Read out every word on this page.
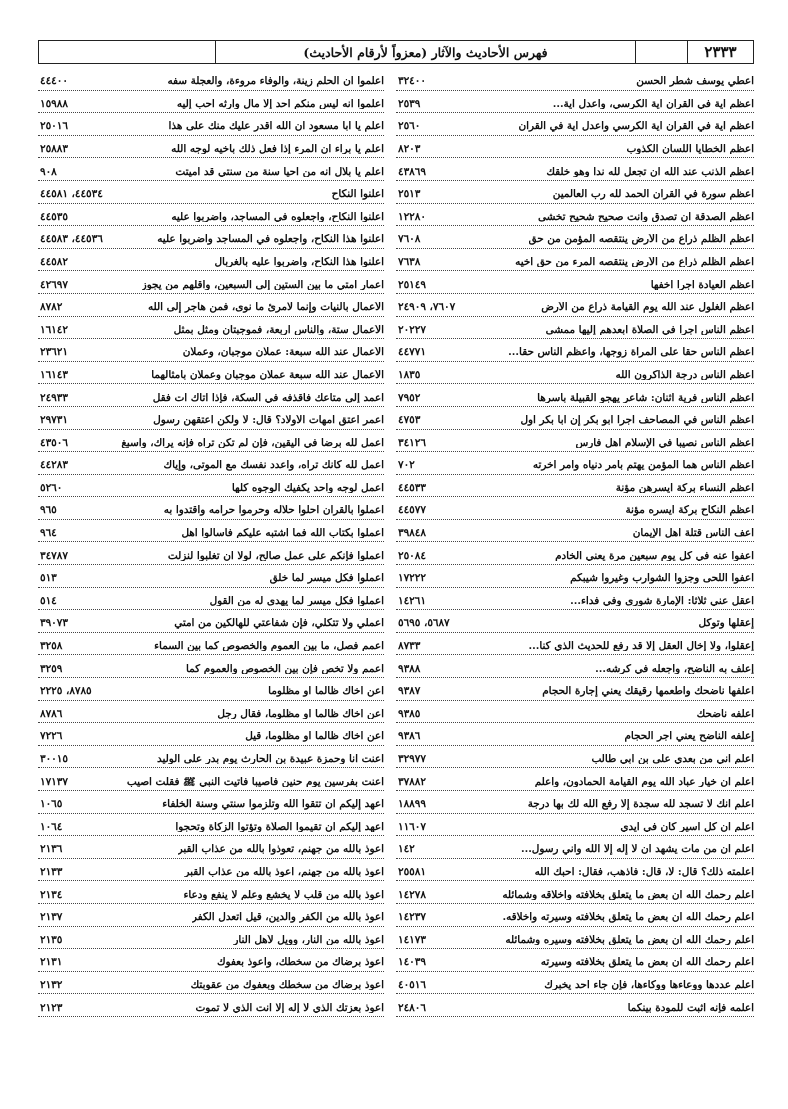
٢٣٣٣
فهرس الأحاديث والآثار (معزواً لأرقام الأحاديث)
أعطي يوسف شطر الحسن
٣٢٤٠٠
أعظم آية في القرآن آية الكرسي، وأعدل آية...
٢٥٣٩
أعظم آية في القرآن آية الكرسي وأعدل آية في القرآن
٢٥٦٠
أعظم الخطايا اللسان الكذوب
٨٢٠٣
أعظم الذنب عند الله أن تجعل لله نداً وهو خلقك
٤٣٨٦٩
أعظم سورة في القرآن الحمد لله رب العالمين
٢٥١٣
أعظم الصدقة أن تصدق وأنت صحيح شحيح تخشى
١٢٢٨٠
أعظم الظلم ذراع من الأرض ينتقصه المؤمن من حق
٧٦٠٨
أعظم الظلم ذراع من الأرض ينتقصه المرء من حق أخيه
٧٦٣٨
أعظم العيادة أجراً أخفها
٢٥١٤٩
أعظم الغلول عند الله يوم القيامة ذراع من الأرض
٧٦٠٧، ٢٤٩٠٩
أعظم الناس أجراً في الصلاة أبعدهم إليها ممشى
٢٠٢٢٧
أعظم الناس حقاً على المرأة زوجها، وأعظم الناس حقاً...
٤٤٧٧١
أعظم الناس درجة الذاكرون الله
١٨٣٥
أعظم الناس فرية اثنان: شاعر يهجو القبيلة بأسرها
٧٩٥٢
أعظم الناس في المصاحف أجراً أبو بكر إن أبا بكر أول
٤٧٥٣
أعظم الناس نصيباً في الإسلام أهل فارس
٣٤١٢٦
أعظم الناس هماً المؤمن يهتم بأمر دنياه وأمر آخرته
٧٠٢
أعظم النساء بركة أيسرهن مؤنة
٤٤٥٣٣
أعظم النكاح بركة أيسره مؤنة
٤٤٥٧٧
أعف الناس قتلة أهل الإيمان
٣٩٨٤٨
اعفوا عنه في كل يوم سبعين مرة يعني الخادم
٢٥٠٨٤
أعفوا اللحى وجزوا الشوارب وغيروا شيبكم
١٧٢٢٢
اعقل عني ثلاثاً: الإمارة شورى وفي فداء...
١٤٢٦١
إعقلها وتوكل
٥٦٨٧، ٥٦٩٥
إعقلوا، ولا إخال العقل إلا قد رفع للحديث الذي كنا...
٨٧٣٣
إعلف به الناضح، واجعله في كرشه...
٩٣٨٨
اعلفها ناضحك وأطعمها رقيقك يعني إجارة الحجام
٩٣٨٧
اعلفه ناضحك
٩٣٨٥
إعلفه الناضح يعني أجر الحجام
٩٣٨٦
اعلم أني من بعدي على بن أبي طالب
٣٢٩٧٧
اعلم أن خيار عباد الله يوم القيامة الحمادون، واعلم
٣٧٨٨٢
اعلم أنك لا تسجد لله سجدة إلا رفع الله لك بها درجة
١٨٨٩٩
اعلم أن كل أسير كان في أيدي
١١٦٠٧
اعلم أن من مات يشهد أن لا إله إلا الله وأني رسول...
١٤٢
أعلمته ذلك؟ قال: لا، قال: فاذهب، فقال: أحبك الله
٢٥٥٨١
اعلم رحمك الله أن بعض ما يتعلق بخلافته وأخلاقه وشمائله
١٤٢٧٨
اعلم رحمك الله أن بعض ما يتعلق بخلافته وسيرته وأخلاقه.
١٤٢٣٧
اعلم رحمك الله أن بعض ما يتعلق بخلافته وسيره وشمائله
١٤١٧٣
اعلم رحمك الله أن بعض ما يتعلق بخلافته وسيرته
١٤٠٣٩
اعلم عددها ووعاءها ووكاءها، فإن جاء أحد يخبرك
٤٠٥١٦
أعلمه فإنه أثبت للمودة بينكما
٢٤٨٠٦
اعلموا أن الحلم زينة، والوفاء مروءة، والعجلة سفه
٤٤٤٠٠
اعلموا أنه ليس منكم أحد إلا مال وارثه أحب إليه
١٥٩٨٨
اعلم يا أبا مسعود أن الله أقدر عليك منك على هذا
٢٥٠١٦
اعلم يا براء أن المرء إذا فعل ذلك بأخيه لوجه الله
٢٥٨٨٣
اعلم يا بلال أنه من أحيا سنة من سنتي قد أميتت
٩٠٨
أعلنوا النكاح
٤٤٥٣٤، ٤٤٥٨١
أعلنوا النكاح، واجعلوه في المساجد، واضربوا عليه
٤٤٥٣٥
أعلنوا هذا النكاح، واجعلوه في المساجد واضربوا عليه
٤٤٥٣٦، ٤٤٥٨٣
أعلنوا هذا النكاح، واضربوا عليه بالغربال
٤٤٥٨٢
أعمار أمتي ما بين الستين إلى السبعين، وأقلهم من يجوز
٤٢٦٩٧
الأعمال بالنيات وإنما لامرئ ما نوى، فمن هاجر إلى الله
٨٧٨٢
الأعمال ستة، والناس أربعة، فموجبتان ومثل بمثل
١٦١٤٢
الأعمال عند الله سبعة: عملان موجبان، وعملان
٢٣٦٢١
الأعمال عند الله سبعة عملان موجبان وعملان بأمثالهما
١٦١٤٣
اعمد إلى متاعك فاقذفه في السكة، فإذا أتاك آت فقل
٢٤٩٣٣
أعمر أعتق أمهات الأولاد؟ قال: لا ولكن أعتقهن رسول
٢٩٧٣١
اعمل لله برضا في اليقين، فإن لم تكن تراه فإنه يراك، وأسبغ
٤٣٥٠٦
اعمل لله كأنك تراه، واعدد نفسك مع الموتى، وإياك
٤٤٢٨٣
اعمل لوجه واحد يكفيك الوجوه كلها
٥٢٦٠
اعملوا بالقرآن أحلوا حلاله وحرموا حرامه واقتدوا به
٩٦٥
اعملوا بكتاب الله فما أشتبه عليكم فاسألوا أهل
٩٦٤
اعملوا فإنكم على عمل صالح، لولا أن تغلبوا لنزلت
٣٤٧٨٧
اعملوا فكل ميسر لما خلق
٥١٣
اعملوا فكل ميسر لما يهدى له من القول
٥١٤
اعملي ولا تتكلي، فإن شفاعتي للهالكين من أمتي
٣٩٠٧٣
أعمم فصل، ما بين العموم والخصوص كما بين السماء
٣٢٥٨
أعمم ولا تخص فإن بين الخصوص والعموم كما
٣٢٥٩
أعن أخاك ظالماً أو مظلوماً
٨٧٨٥، ٢٢٢٥
أعن أخاك ظالماً أو مظلوماً، فقال رجل
٨٧٨٦
أعن أخاك ظالماً أو مظلوماً، قيل
٧٢٢٦
أعنت أنا وحمزة عبيدة بن الحارث يوم بدر على الوليد
٣٠٠١٥
أعنت بفرسين يوم حنين فأصيبا فأتيت النبي ﷺ فقلت أصيب
١٧١٣٧
أعهد إليكم أن تتقوا الله وتلزموا سنتي وسنة الخلفاء
١٠٦٥
أعهد إليكم أن تقيموا الصلاة وتؤتوا الزكاة وتحجوا
١٠٦٤
أعوذ بالله من جهنم، تعوذوا بالله من عذاب القبر
٢١٣٦
أعوذ بالله من جهنم، أعوذ بالله من عذاب القبر
٢١٣٣
أعوذ بالله من قلب لا يخشع وعلم لا ينفع ودعاء
٢١٣٤
أعوذ بالله من الكفر والدين، قيل أتعدل الكفر
٢١٣٧
أعوذ بالله من النار، وويل لأهل النار
٢١٣٥
أعوذ برضاك من سخطك، وأعوذ بعفوك
٢١٣١
أعوذ برضاك من سخطك وبعفوك من عقوبتك
٢١٣٢
أعوذ بعزتك الذي لا إله إلا أنت الذي لا تموت
٢١٢٣
